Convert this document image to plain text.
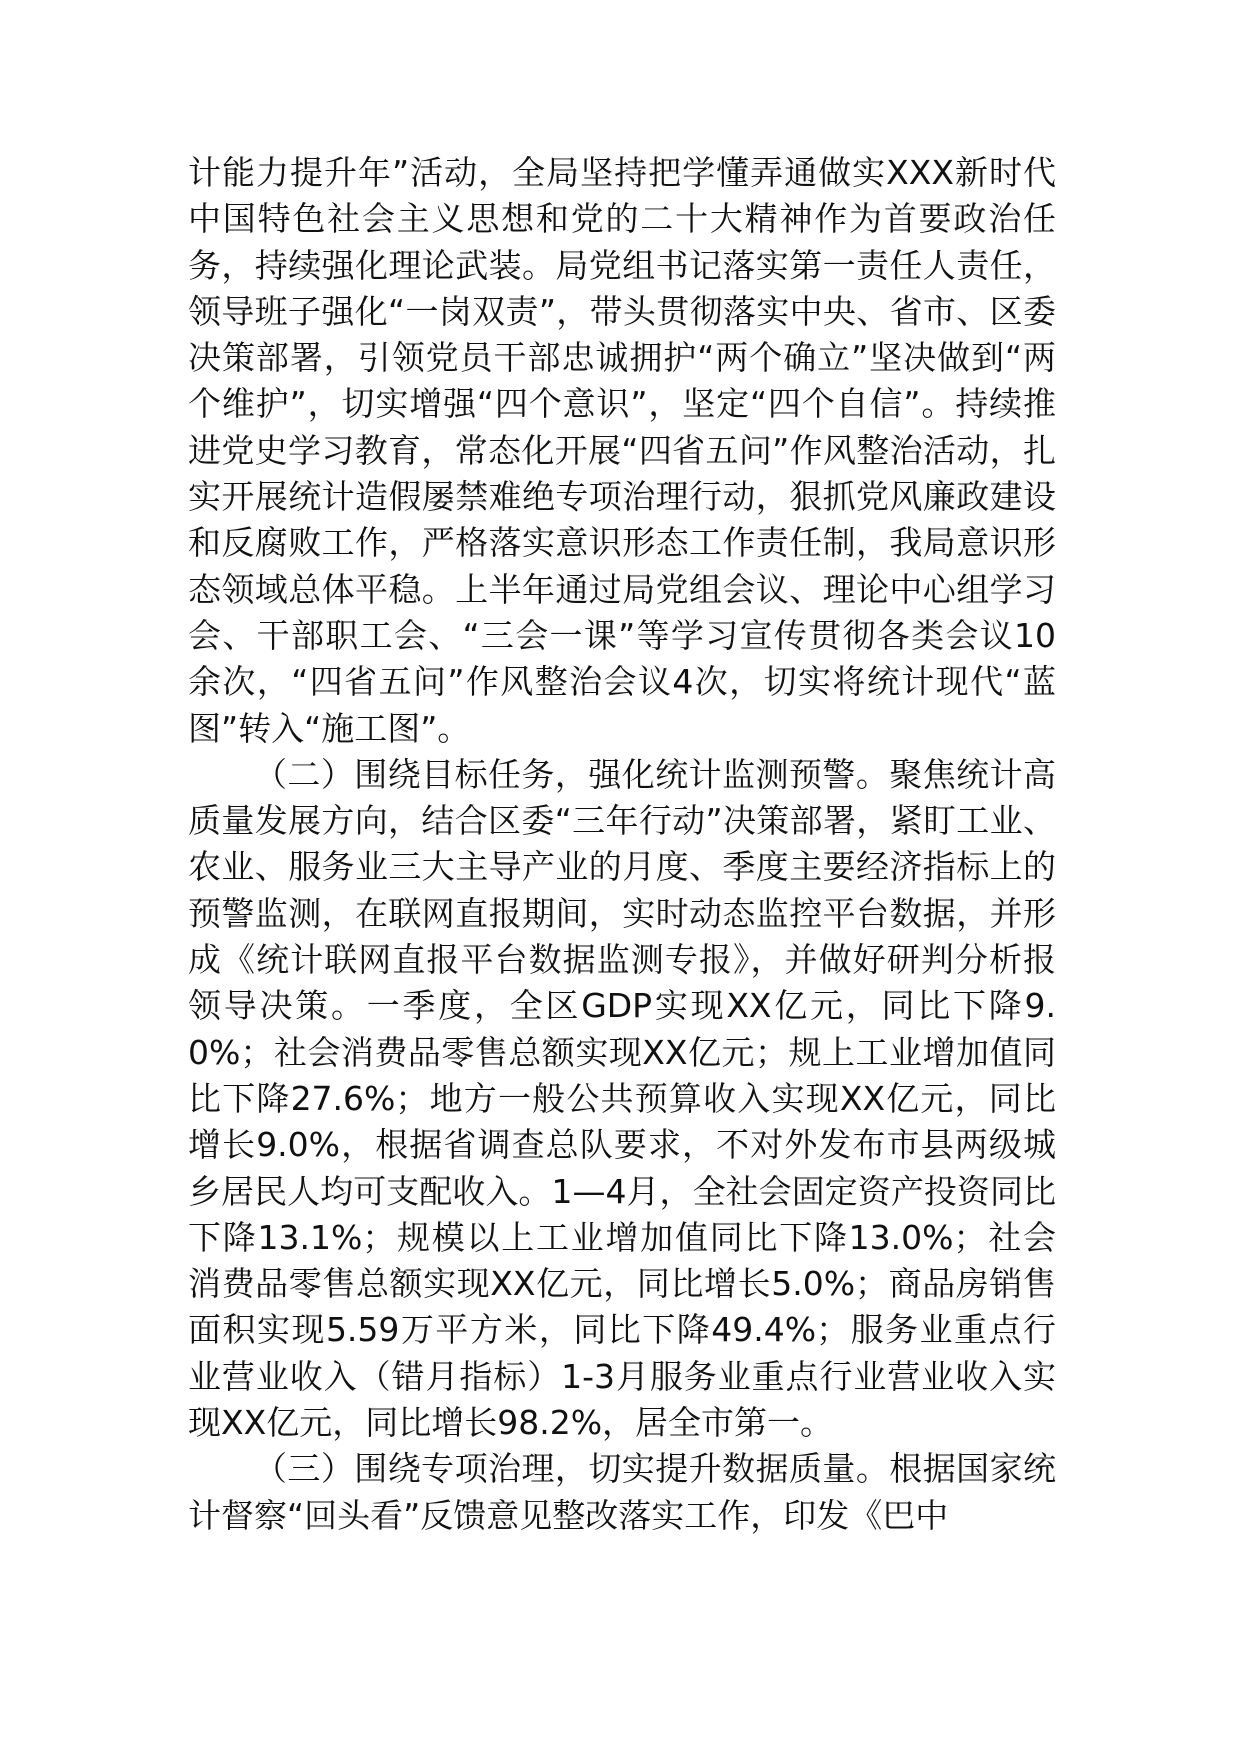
计能力提升年”活动，全局坚持把学懂弄通做实XXX新时代中国特色社会主义思想和党的二十大精神作为首要政治任务，持续强化理论武装。局党组书记落实第一责任人责任，领导班子强化“一岗双责”，带头贯彻落实中央、省市、区委决策部署，引领党员干部忠诚拥护“两个确立”坚决做到“两个维护”，切实增强“四个意识”，坚定“四个自信”。持续推进党史学习教育，常态化开展“四省五问”作风整治活动，扎实开展统计造假屡禁难绝专项治理行动，狠抓党风廉政建设和反腐败工作，严格落实意识形态工作责任制，我局意识形态领域总体平稳。上半年通过局党组会议、理论中心组学习会、干部职工会、“三会一课”等学习宣传贯彻各类会议10余次，“四省五问”作风整治会议4次，切实将统计现代“蓝图”转入“施工图”。

（二）围绕目标任务，强化统计监测预警。聚焦统计高质量发展方向，结合区委“三年行动”决策部署，紧盯工业、农业、服务业三大主导产业的月度、季度主要经济指标上的预警监测，在联网直报期间，实时动态监控平台数据，并形成《统计联网直报平台数据监测专报》，并做好研判分析报领导决策。一季度，全区GDP实现XX亿元，同比下降9.0%；社会消费品零售总额实现XX亿元；规上工业增加值同比下降27.6%；地方一般公共预算收入实现XX亿元，同比增长9.0%，根据省调查总队要求，不对外发布市县两级城乡居民人均可支配收入。1—4月，全社会固定资产投资同比下降13.1%；规模以上工业增加值同比下降13.0%；社会消费品零售总额实现XX亿元，同比增长5.0%；商品房销售面积实现5.59万平方米，同比下降49.4%；服务业重点行业营业收入（错月指标）1-3月服务业重点行业营业收入实现XX亿元，同比增长98.2%，居全市第一。

（三）围绕专项治理，切实提升数据质量。根据国家统计督察“回头看”反馈意见整改落实工作，印发《巴中
